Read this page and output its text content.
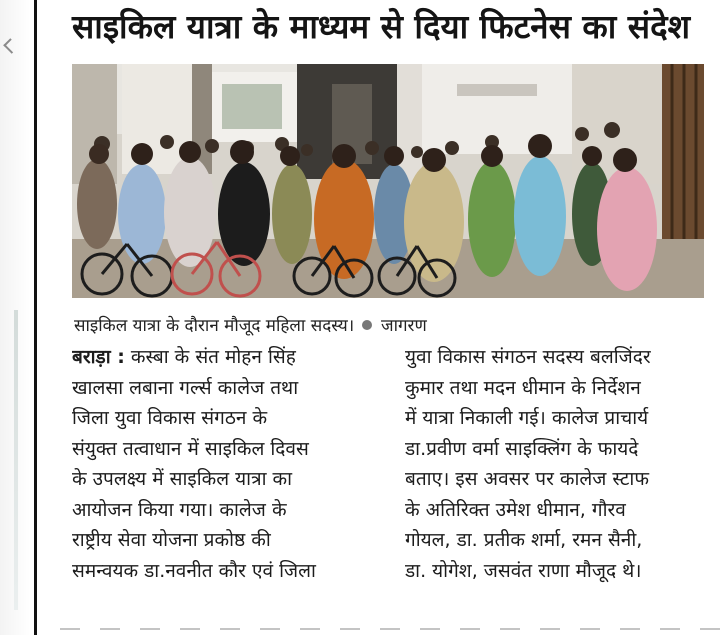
साइकिल यात्रा के माध्यम से दिया फिटनेस का संदेश
साइकिल यात्रा के दौरान मौजूद महिला सदस्य। जागरण
बराड़ा : कस्बा के संत मोहन सिंह
खालसा लबाना गर्ल्स कालेज तथा
जिला युवा विकास संगठन के
संयुक्त तत्वाधान में साइकिल दिवस
के उपलक्ष्य में साइकिल यात्रा का
आयोजन किया गया। कालेज के
राष्ट्रीय सेवा योजना प्रकोष्ठ की
समन्वयक डा.नवनीत कौर एवं जिला
युवा विकास संगठन सदस्य बलजिंदर
कुमार तथा मदन धीमान के निर्देशन
में यात्रा निकाली गई। कालेज प्राचार्य
डा.प्रवीण वर्मा साइक्लिंग के फायदे
बताए। इस अवसर पर कालेज स्टाफ
के अतिरिक्त उमेश धीमान, गौरव
गोयल, डा. प्रतीक शर्मा, रमन सैनी,
डा. योगेश, जसवंत राणा मौजूद थे।
